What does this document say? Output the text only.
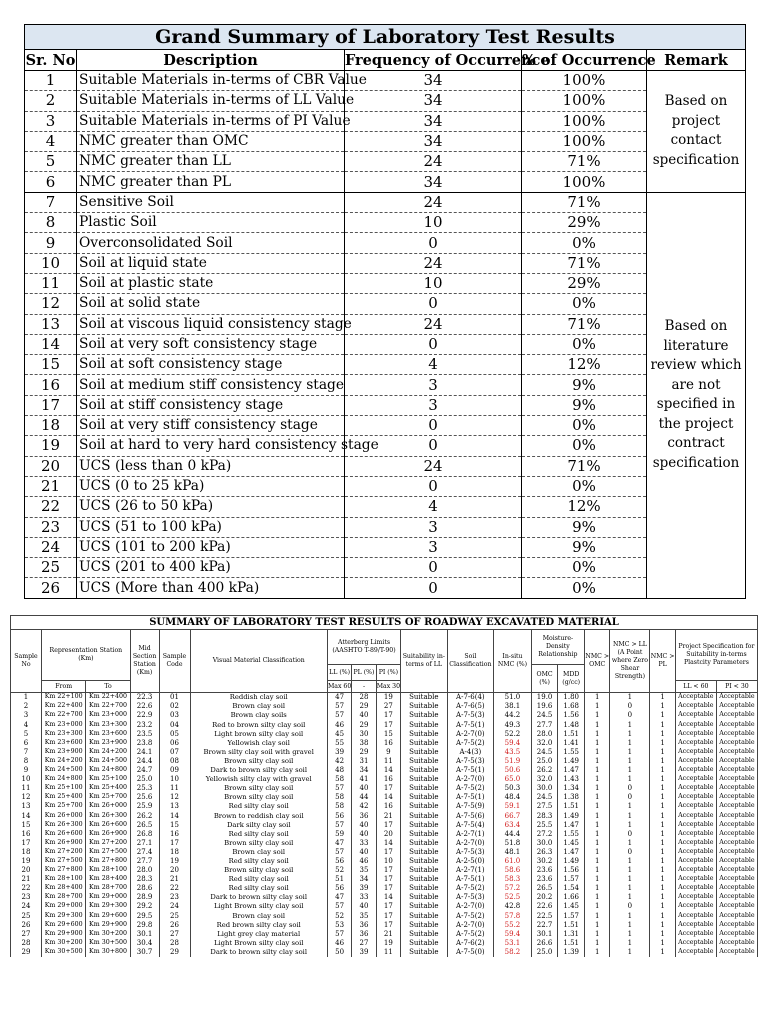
Grand Summary of Laboratory Test Results
Sr. No	Description	Frequency of Occurrence	% of Occurrence	Remark
1	Suitable Materials in-terms of CBR Value	34	100%	Based on project contact specification
2	Suitable Materials in-terms of LL Value	34	100%	
3	Suitable Materials in-terms of PI Value	34	100%	
4	NMC greater than OMC	34	100%	
5	NMC greater than LL	24	71%	
6	NMC greater than PL	34	100%	
7	Sensitive Soil	24	71%	Based on literature review which are not specified in the project contract specification
8	Plastic Soil	10	29%	
9	Overconsolidated Soil	0	0%	
10	Soil at liquid state	24	71%	
11	Soil at plastic state	10	29%	
12	Soil at solid state	0	0%	
13	Soil at viscous liquid consistency stage	24	71%	
14	Soil at very soft consistency stage	0	0%	
15	Soil at soft consistency stage	4	12%	
16	Soil at medium stiff consistency stage	3	9%	
17	Soil at stiff consistency stage	3	9%	
18	Soil at very stiff consistency stage	0	0%	
19	Soil at hard to very hard consistency stage	0	0%	
20	UCS (less than 0 kPa)	24	71%	
21	UCS (0 to 25 kPa)	0	0%	
22	UCS (26 to 50 kPa)	4	12%	
23	UCS (51 to 100 kPa)	3	9%	
24	UCS (101 to 200 kPa)	3	9%	
25	UCS (201 to 400 kPa)	0	0%	
26	UCS (More than 400 kPa)	0	0%	
SUMMARY OF LABORATORY TEST RESULTS OF ROADWAY EXCAVATED MATERIAL
Sample No	Representation Station (Km)		Mid Section Station (Km)	Sample Code	Visual Material Classification	Atterberg Limits (AASHTO T-89/T-90)			Suitability in-terms of LL	Soil Classification	In-situ NMC (%)	Moisture-Density Relationship		NMC > OMC	NMC > LL (A Point where Zero Shear Strength)	NMC > PL	Project Specification for Suitability in-terms Plastcity Parameters	
						LL (%)	PL (%)	PI (%)				OMC (%)	MDD (g/cc)					
	From	To				Max 60	-	Max 30									LL < 60	PI < 30
1	Km 22+100	Km 22+400	22.3	01	Reddish clay soil	47	28	19	Suitable	A-7-6(4)	51.0	19.0	1.80	1	1	1	Acceptable	Acceptable
2	Km 22+400	Km 22+700	22.6	02	Brown clay soil	57	29	27	Suitable	A-7-6(5)	38.1	19.6	1.68	1	0	1	Acceptable	Acceptable
3	Km 22+700	Km 23+000	22.9	03	Brown clay soils	57	40	17	Suitable	A-7-5(3)	44.2	24.5	1.56	1	0	1	Acceptable	Acceptable
4	Km 23+000	Km 23+300	23.2	04	Red to brown silty clay soil	46	29	17	Suitable	A-7-5(1)	49.3	27.7	1.48	1	1	1	Acceptable	Acceptable
5	Km 23+300	Km 23+600	23.5	05	Light brown silty clay soil	45	30	15	Suitable	A-2-7(0)	52.2	28.0	1.51	1	1	1	Acceptable	Acceptable
6	Km 23+600	Km 23+900	23.8	06	Yellowish clay soil	55	38	16	Suitable	A-7-5(2)	59.4	32.0	1.41	1	1	1	Acceptable	Acceptable
7	Km 23+900	Km 24+200	24.1	07	Brown silty clay soil with gravel	39	29	9	Suitable	A-4(3)	43.5	24.5	1.55	1	1	1	Acceptable	Acceptable
8	Km 24+200	Km 24+500	24.4	08	Brown silty clay soil	42	31	11	Suitable	A-7-5(3)	51.9	25.0	1.49	1	1	1	Acceptable	Acceptable
9	Km 24+500	Km 24+800	24.7	09	Dark to brown silty clay soil	48	34	14	Suitable	A-7-5(1)	50.6	26.2	1.47	1	1	1	Acceptable	Acceptable
10	Km 24+800	Km 25+100	25.0	10	Yellowish silty clay with gravel	58	41	16	Suitable	A-2-7(0)	65.0	32.0	1.43	1	1	1	Acceptable	Acceptable
11	Km 25+100	Km 25+400	25.3	11	Brown silty clay soil	57	40	17	Suitable	A-7-5(2)	50.3	30.0	1.34	1	0	1	Acceptable	Acceptable
12	Km 25+400	Km 25+700	25.6	12	Brown silty clay soil	58	44	14	Suitable	A-7-5(1)	48.4	24.5	1.38	1	0	1	Acceptable	Acceptable
13	Km 25+700	Km 26+000	25.9	13	Red silty clay soil	58	42	16	Suitable	A-7-5(9)	59.1	27.5	1.51	1	1	1	Acceptable	Acceptable
14	Km 26+000	Km 26+300	26.2	14	Brown to reddish clay soil	56	36	21	Suitable	A-7-5(6)	66.7	28.3	1.49	1	1	1	Acceptable	Acceptable
15	Km 26+300	Km 26+600	26.5	15	Dark silty clay soil	57	40	17	Suitable	A-7-5(4)	63.4	25.5	1.47	1	1	1	Acceptable	Acceptable
16	Km 26+600	Km 26+900	26.8	16	Red silty clay soil	59	40	20	Suitable	A-2-7(1)	44.4	27.2	1.55	1	0	1	Acceptable	Acceptable
17	Km 26+900	Km 27+200	27.1	17	Brown silty clay soil	47	33	14	Suitable	A-2-7(0)	51.8	30.0	1.45	1	1	1	Acceptable	Acceptable
18	Km 27+200	Km 27+500	27.4	18	Brown clay soil	57	40	17	Suitable	A-7-5(3)	48.1	26.3	1.47	1	0	1	Acceptable	Acceptable
19	Km 27+500	Km 27+800	27.7	19	Red silty clay soil	56	46	10	Suitable	A-2-5(0)	61.0	30.2	1.49	1	1	1	Acceptable	Acceptable
20	Km 27+800	Km 28+100	28.0	20	Brown silty clay soil	52	35	17	Suitable	A-2-7(1)	58.6	23.6	1.56	1	1	1	Acceptable	Acceptable
21	Km 28+100	Km 28+400	28.3	21	Red silty clay soil	51	34	17	Suitable	A-7-5(1)	58.3	23.6	1.57	1	1	1	Acceptable	Acceptable
22	Km 28+400	Km 28+700	28.6	22	Red silty clay soil	56	39	17	Suitable	A-7-5(2)	57.2	26.5	1.54	1	1	1	Acceptable	Acceptable
23	Km 28+700	Km 29+000	28.9	23	Dark to brown silty clay soil	47	33	14	Suitable	A-7-5(3)	52.5	20.2	1.66	1	1	1	Acceptable	Acceptable
24	Km 29+000	Km 29+300	29.2	24	Light Brown silty clay soil	57	40	17	Suitable	A-2-7(0)	42.8	22.6	1.45	1	0	1	Acceptable	Acceptable
25	Km 29+300	Km 29+600	29.5	25	Brown clay soil	52	35	17	Suitable	A-7-5(2)	57.8	22.5	1.57	1	1	1	Acceptable	Acceptable
26	Km 29+600	Km 29+900	29.8	26	Red brown silty clay soil	53	36	17	Suitable	A-2-7(0)	55.2	22.7	1.51	1	1	1	Acceptable	Acceptable
27	Km 29+900	Km 30+200	30.1	27	Light grey clay material	57	36	21	Suitable	A-7-5(2)	59.4	30.1	1.31	1	1	1	Acceptable	Acceptable
28	Km 30+200	Km 30+500	30.4	28	Light Brown silty clay soil	46	27	19	Suitable	A-7-6(2)	53.1	26.6	1.51	1	1	1	Acceptable	Acceptable
29	Km 30+500	Km 30+800	30.7	29	Dark to brown silty clay soil	50	39	11	Suitable	A-7-5(0)	58.2	25.0	1.39	1	1	1	Acceptable	Acceptable
